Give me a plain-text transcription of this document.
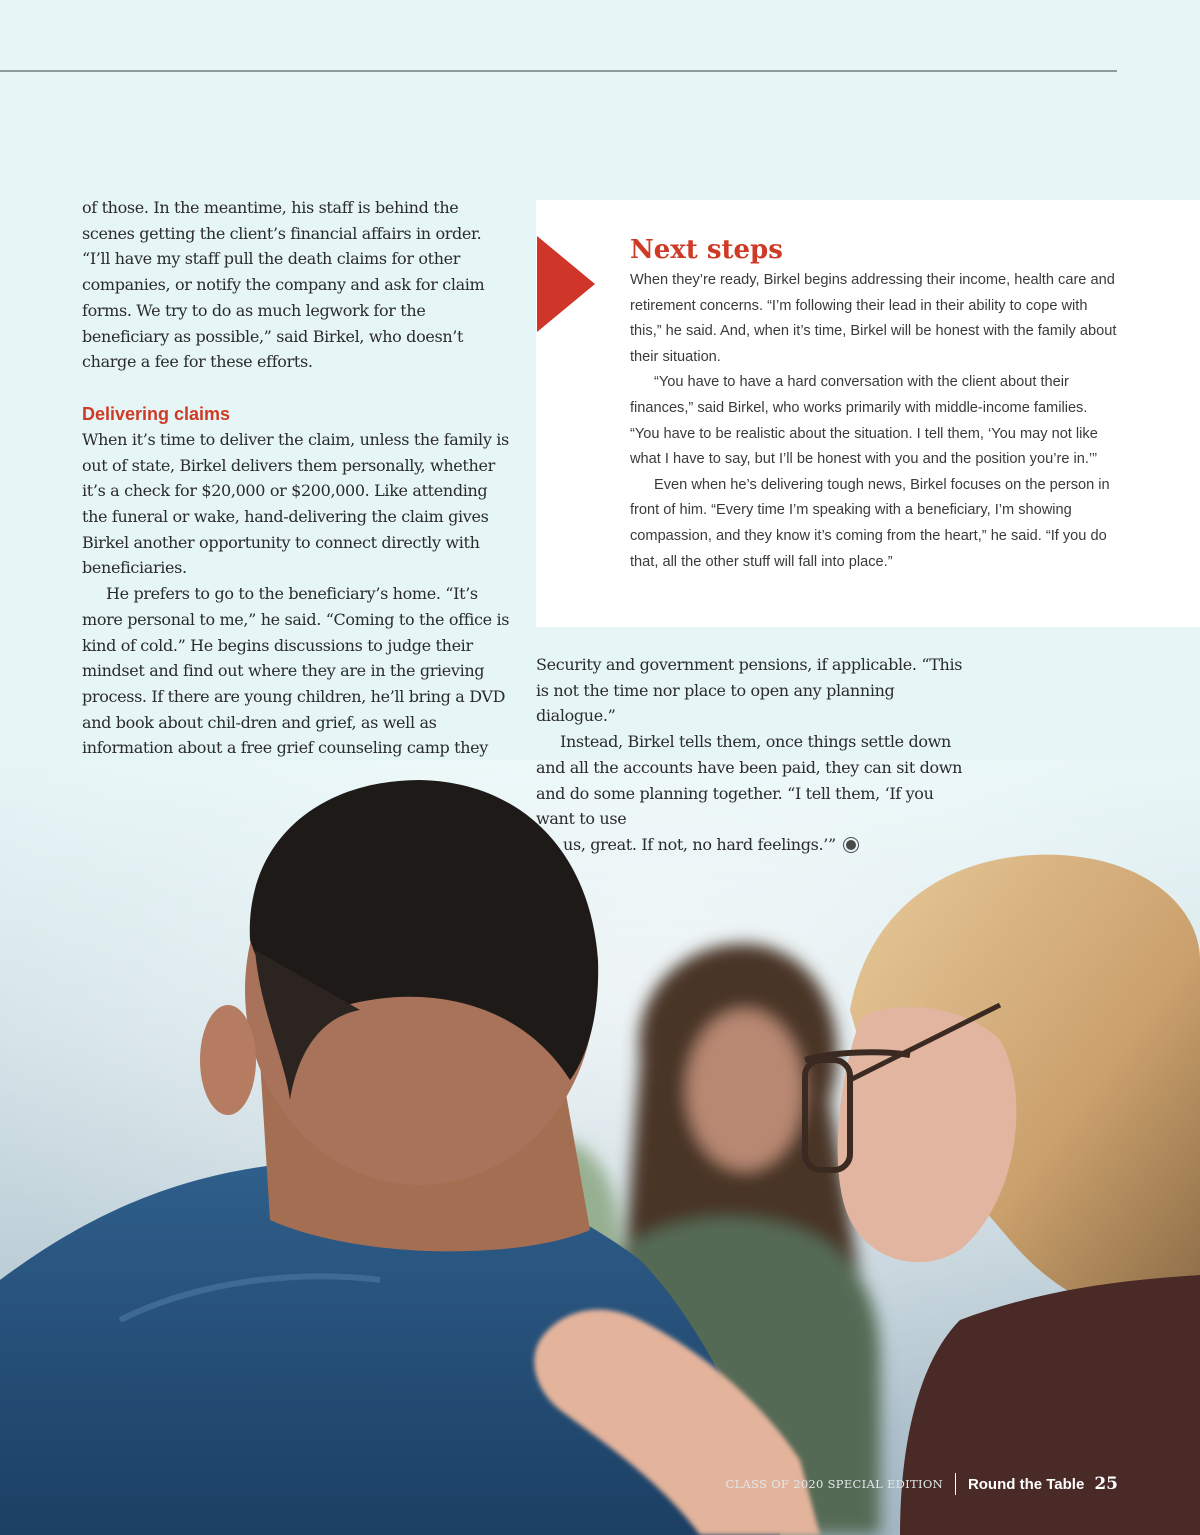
of those. In the meantime, his staff is behind the scenes getting the client’s financial affairs in order. “I’ll have my staff pull the death claims for other companies, or notify the company and ask for claim forms. We try to do as much legwork for the beneficiary as possible,” said Birkel, who doesn’t charge a fee for these efforts.

Delivering claims

When it’s time to deliver the claim, unless the family is out of state, Birkel delivers them personally, whether it’s a check for $20,000 or $200,000. Like attending the funeral or wake, hand-delivering the claim gives Birkel another opportunity to connect directly with beneficiaries.

He prefers to go to the beneficiary’s home. “It’s more personal to me,” he said. “Coming to the office is kind of cold.” He begins discussions to judge their mindset and find out where they are in the grieving process. If there are young children, he’ll bring a DVD and book about chil-dren and grief, as well as information about a free grief counseling camp they

Next steps

When they’re ready, Birkel begins addressing their income, health care and retirement concerns. “I’m following their lead in their ability to cope with this,” he said. And, when it’s time, Birkel will be honest with the family about their situation.

“You have to have a hard conversation with the client about their finances,” said Birkel, who works primarily with middle-income families. “You have to be realistic about the situation. I tell them, ‘You may not like what I have to say, but I’ll be honest with you and the position you’re in.’”

Even when he’s delivering tough news, Birkel focuses on the person in front of him. “Every time I’m speaking with a beneficiary, I’m showing compassion, and they know it’s coming from the heart,” he said. “If you do that, all the other stuff will fall into place.”

Security and government pensions, if applicable. “This is not the time nor place to open any planning dialogue.”

Instead, Birkel tells them, once things settle down and all the accounts have been paid, they can sit down and do some planning together. “I tell them, ‘If you want to use

us, great. If not, no hard feelings.’”

CLASS OF 2020 SPECIAL EDITION Round the Table 25
